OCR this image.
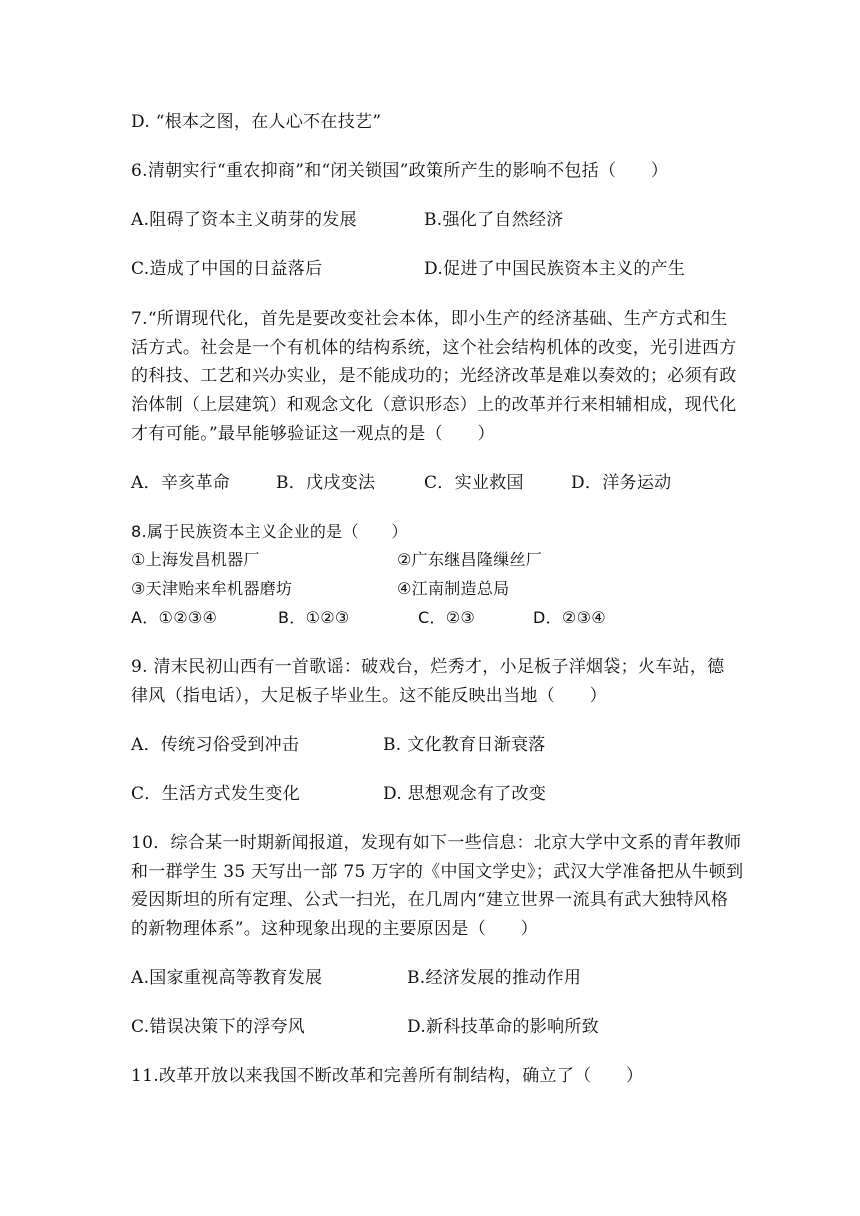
D. “根本之图，在人心不在技艺”
6.清朝实行“重农抑商”和“闭关锁国”政策所产生的影响不包括（　　）
A.阻碍了资本主义萌芽的发展	B.强化了自然经济
C.造成了中国的日益落后	D.促进了中国民族资本主义的产生
7.“所谓现代化，首先是要改变社会本体，即小生产的经济基础、生产方式和生
活方式。社会是一个有机体的结构系统，这个社会结构机体的改变，光引进西方
的科技、工艺和兴办实业，是不能成功的；光经济改革是难以奏效的；必须有政
治体制（上层建筑）和观念文化（意识形态）上的改革并行来相辅相成，现代化
才有可能。”最早能够验证这一观点的是（　　）
A．辛亥革命	B．戊戌变法	C．实业救国	D．洋务运动
8.属于民族资本主义企业的是（　　）
①上海发昌机器厂	②广东继昌隆缫丝厂
③天津贻来牟机器磨坊	④江南制造总局
A．①②③④	B．①②③	C．②③	D．②③④
9. 清末民初山西有一首歌谣：破戏台，烂秀才，小足板子洋烟袋；火车站，德
律风（指电话），大足板子毕业生。这不能反映出当地（　　）
A．传统习俗受到冲击	B. 文化教育日渐衰落
C．生活方式发生变化	D. 思想观念有了改变
10．综合某一时期新闻报道，发现有如下一些信息：北京大学中文系的青年教师
和一群学生 35 天写出一部 75 万字的《中国文学史》；武汉大学准备把从牛顿到
爱因斯坦的所有定理、公式一扫光，在几周内“建立世界一流具有武大独特风格
的新物理体系”。这种现象出现的主要原因是（　　）
A.国家重视高等教育发展	B.经济发展的推动作用
C.错误决策下的浮夸风	D.新科技革命的影响所致
11.改革开放以来我国不断改革和完善所有制结构，确立了（　　）
